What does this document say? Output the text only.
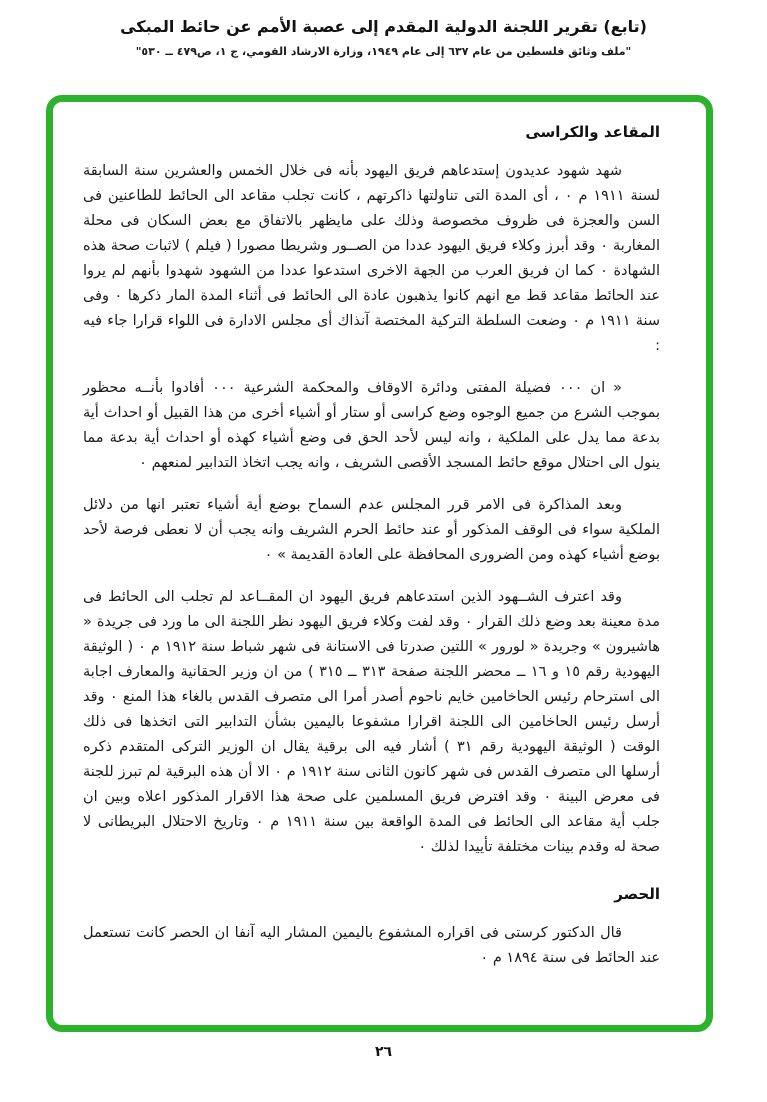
(تابع) تقرير اللجنة الدولية المقدم إلى عصبة الأمم عن حائط المبكى
"ملف وثائق فلسطين من عام ٦٣٧ إلى عام ١٩٤٩، وزارة الارشاد القومي، ج ١، ص٤٧٩ ــ ٥٣٠"
المقاعد والكراسى

شهد شهود عديدون إستدعاهم فريق اليهود بأنه فى خلال الخمس والعشرين سنة السابقة لسنة ١٩١١ م ٠ ، أى المدة التى تناولتها ذاكرتهم ، كانت تجلب مقاعد الى الحائط للطاعنين فى السن والعجزة فى ظروف مخصوصة وذلك على مايظهر بالاتفاق مع بعض السكان فى محلة المغاربة ٠ وقد أبرز وكلاء فريق اليهود عددا من الصــور وشريطا مصورا ( فيلم ) لاثبات صحة هذه الشهادة ٠ كما ان فريق العرب من الجهة الاخرى استدعوا عددا من الشهود شهدوا بأنهم لم يروا عند الحائط مقاعد قط مع انهم كانوا يذهبون عادة الى الحائط فى أثناء المدة المار ذكرها ٠ وفى سنة ١٩١١ م ٠ وضعت السلطة التركية المختصة آنذاك أى مجلس الادارة فى اللواء قرارا جاء فيه :

« ان ٠٠٠ فضيلة المفتى ودائرة الاوقاف والمحكمة الشرعية ٠٠٠ أفادوا بأنــه محظور بموجب الشرع من جميع الوجوه وضع كراسى أو ستار أو أشياء أخرى من هذا القبيل أو احداث أية بدعة مما يدل على الملكية ، وانه ليس لأحد الحق فى وضع أشياء كهذه أو احداث أية بدعة مما ينول الى احتلال موقع حائط المسجد الأقصى الشريف ، وانه يجب اتخاذ التدابير لمنعهم ٠

وبعد المذاكرة فى الامر قرر المجلس عدم السماح بوضع أية أشياء تعتبر انها من دلائل الملكية سواء فى الوقف المذكور أو عند حائط الحرم الشريف وانه يجب أن لا نعطى فرصة لأحد بوضع أشياء كهذه ومن الضرورى المحافظة على العادة القديمة » ٠

وقد اعترف الشــهود الذين استدعاهم فريق اليهود ان المقــاعد لم تجلب الى الحائط فى مدة معينة بعد وضع ذلك القرار ٠ وقد لفت وكلاء فريق اليهود نظر اللجنة الى ما ورد فى جريدة « هاشيرون » وجريدة « لورور » اللتين صدرتا فى الاستانة فى شهر شباط سنة ١٩١٢ م ٠ ( الوثيقة اليهودية رقم ١٥ و ١٦ ــ محضر اللجنة صفحة ٣١٣ ــ ٣١٥ ) من ان وزير الحقانية والمعارف اجابة الى استرحام رئيس الحاخامين خايم ناحوم أصدر أمرا الى متصرف القدس بالغاء هذا المنع ٠ وقد أرسل رئيس الحاخامين الى اللجنة اقرارا مشفوعا باليمين بشأن التدابير التى اتخذها فى ذلك الوقت ( الوثيقة اليهودية رقم ٣١ ) أشار فيه الى برقية يقال ان الوزير التركى المتقدم ذكره أرسلها الى متصرف القدس فى شهر كانون الثانى سنة ١٩١٢ م ٠ الا أن هذه البرقية لم تبرز للجنة فى معرض البينة ٠ وقد افترض فريق المسلمين على صحة هذا الاقرار المذكور اعلاه وبين ان جلب أية مقاعد الى الحائط فى المدة الواقعة بين سنة ١٩١١ م ٠ وتاريخ الاحتلال البريطانى لا صحة له وقدم بينات مختلفة تأييدا لذلك ٠

الحصر

قال الدكتور كرستى فى اقراره المشفوع باليمين المشار اليه آنفا ان الحصر كانت تستعمل عند الحائط فى سنة ١٨٩٤ م ٠

٢٦
